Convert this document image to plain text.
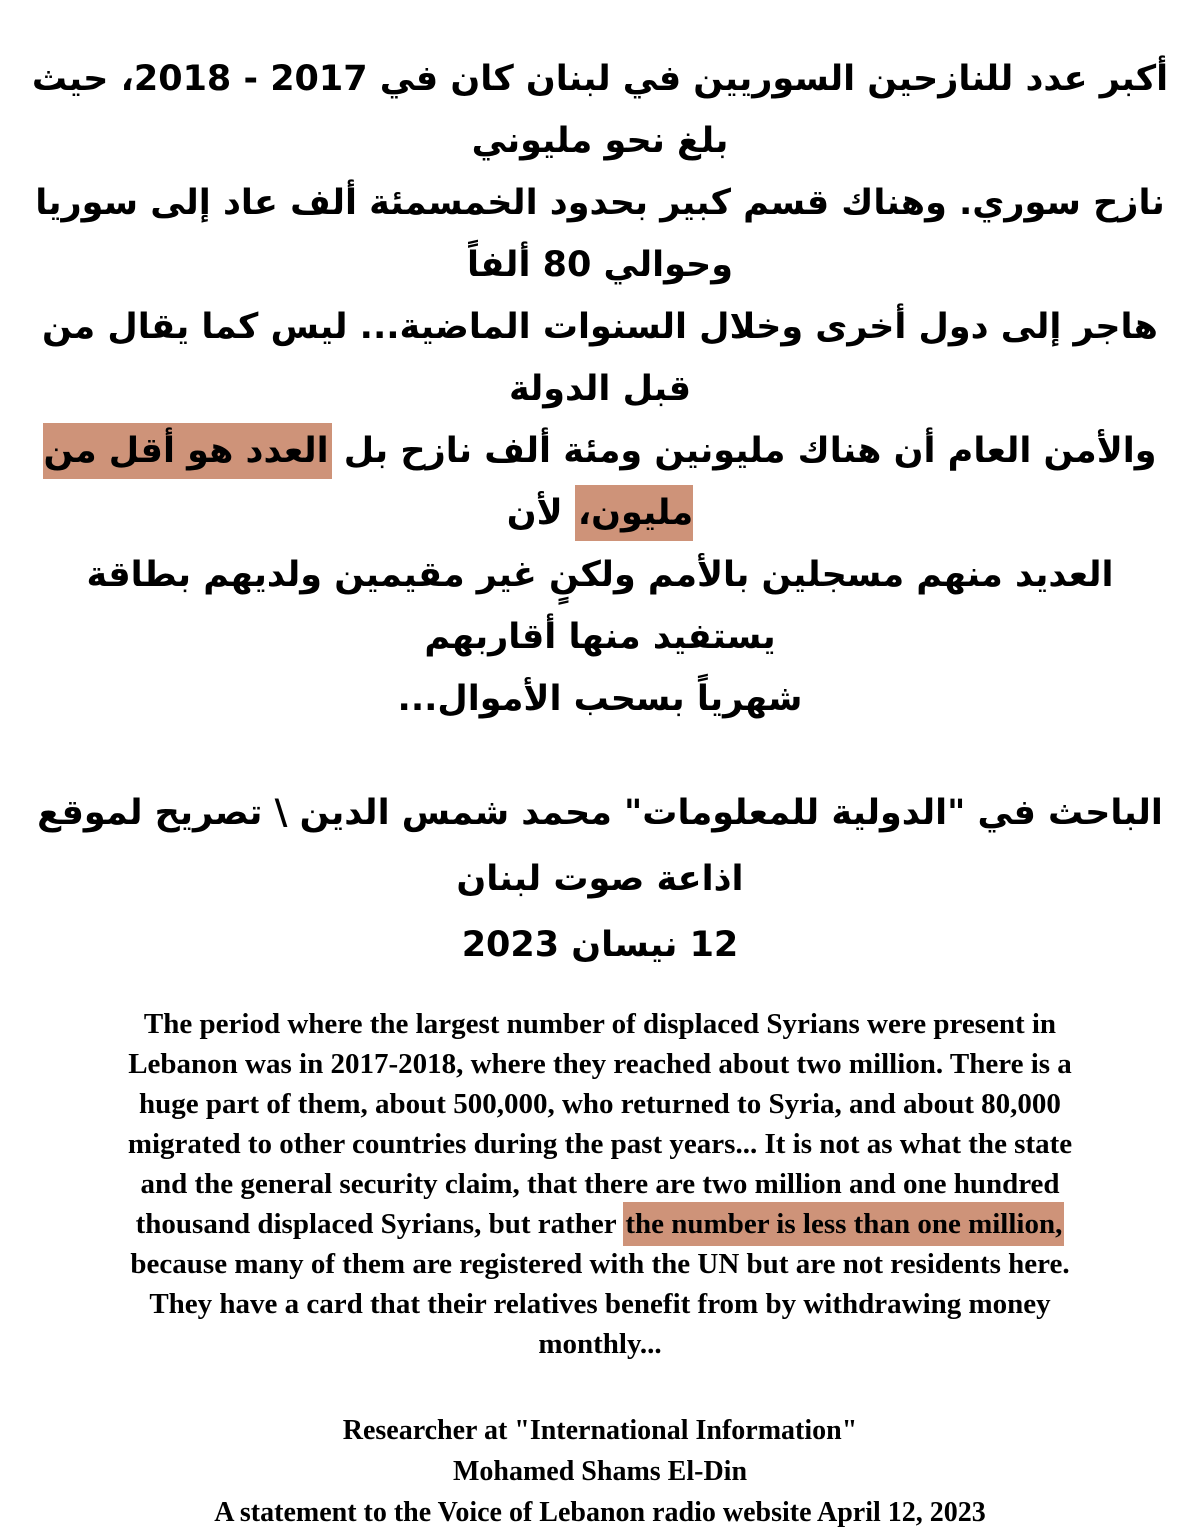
أكبر عدد للنازحين السوريين في لبنان كان في 2017 - 2018، حيث بلغ نحو مليوني
نازح سوري. وهناك قسم كبير بحدود الخمسمئة ألف عاد إلى سوريا وحوالي 80 ألفاً
هاجر إلى دول أخرى وخلال السنوات الماضية... ليس كما يقال من قبل الدولة
والأمن العام أن هناك مليونين ومئة ألف نازح بل العدد هو أقل من مليون، لأن
العديد منهم مسجلين بالأمم ولكنٍ غير مقيمين ولديهم بطاقة يستفيد منها أقاربهم
شهرياً بسحب الأموال...
الباحث في "الدولية للمعلومات" محمد شمس الدين \ تصريح لموقع اذاعة صوت لبنان
12 نيسان 2023
The period where the largest number of displaced Syrians were present in
Lebanon was in 2017-2018, where they reached about two million. There is a
huge part of them, about 500,000, who returned to Syria, and about 80,000
migrated to other countries during the past years... It is not as what the state
and the general security claim, that there are two million and one hundred
thousand displaced Syrians, but rather the number is less than one million,
because many of them are registered with the UN but are not residents here.
They have a card that their relatives benefit from by withdrawing money
monthly...
Researcher at "International Information"
Mohamed Shams El-Din
A statement to the Voice of Lebanon radio website April 12, 2023
